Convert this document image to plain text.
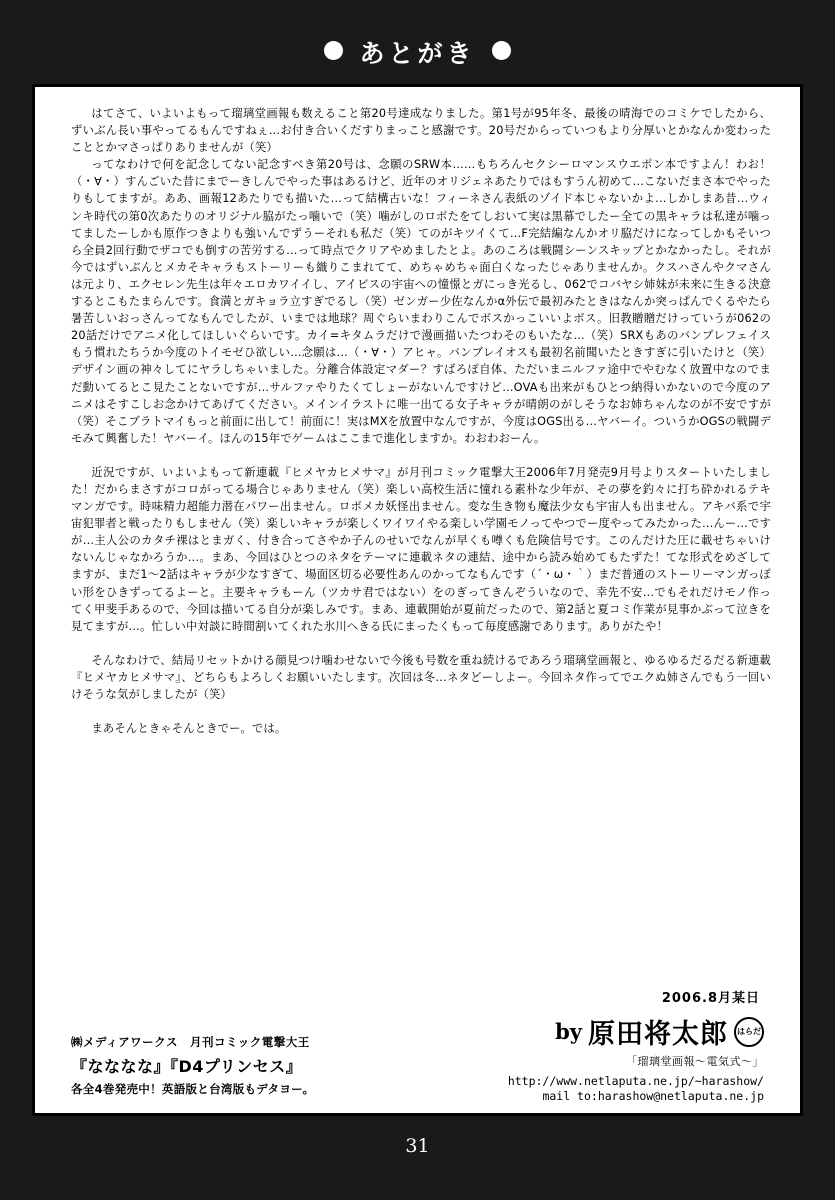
あとがき

はてさて、いよいよもって瑠璃堂画報も数えること第20号達成なりました。第1号が95年冬、最後の晴海でのコミケでしたから、ずいぶん長い事やってるもんですねぇ…お付き合いくだすりまっこと感謝です。20号だからっていつもより分厚いとかなんか変わったこととかマさっぱりありませんが（笑）

ってなわけで何を記念してない記念すべき第20号は、念願のSRW本……もちろんセクシーロマンスウエポン本ですよん！わお！（・∀・）すんごいた昔にまでーきしんでやった事はあるけど、近年のオリジェネあたりではもすうん初めて…こないだまさ本でやったりもしてますが。ああ、画報12あたりでも描いた…って結構古いな！フィーネさん表紙のゾイド本じゃないかよ…しかしまあ昔…ウィンキ時代の第0次あたりのオリジナル脇がたっ噛いで（笑）噛がしのロボたをてしおいて実は黒幕でしたー全ての黒キャラは私達が噛ってましたーしかも原作つきよりも強いんでずうーそれも私だ（笑）てのがキツイくて…F完結編なんかオリ脇だけになってしかもそいつら全員2回行動でザコでも倒すの苦労する…って時点でクリアやめましたとよ。あのころは戦闘シーンスキップとかなかったし。それが今ではずいぶんとメカそキャラもストーリーも織りこまれてて、めちゃめちゃ面白くなったじゃありませんか。クスハさんやクマさんは元より、エクセレン先生は年々エロカワイイし、アイビスの宇宙への憧憬とガにっき光るし、062でコバヤシ姉妹が未来に生きる決意するとこもたまらんです。食満とガキョラ立すぎでるし（笑）ゼンガー少佐なんかα外伝で最初みたときはなんか突っぱんでくるやたら暑苦しいおっさんってなもんでしたが、いまでは地球？周ぐらいまわりこんでボスかっこいいよボス。旧教贈贈だけっていうが062の20話だけでアニメ化してほしいぐらいです。カイ=キタムラだけで漫画描いたつわそのもいたな…（笑）SRXもあのバンプレフェイスもう慣れたちうか今度のトイモゼひ欲しい…念願は…（・∀・）アヒャ。バンブレイオスも最初名前聞いたときすぎに引いたけと（笑）デザイン画の神々してにヤラしちゃいました。分離合体設定マダー？すばろぽ自体、ただいまニルファ途中でやむなく放置中なのでまだ動いてるとこ見たことないですが…サルファやりたくてしょーがないんですけど…OVAも出来がもひとつ納得いかないので今度のアニメはそすこしお念かけてあげてください。メインイラストに唯一出てる女子キャラが晴朗のがしそうなお姉ちゃんなのが不安ですが（笑）そこブラトマイもっと前面に出して！前面に！実はMXを放置中なんですが、今度はOGS出る…ヤバーイ。ついうかOGSの戦闘デモみて興奮した！ヤバーイ。ほんの15年でゲームはここまで進化しますか。わおわおーん。

近況ですが、いよいよもって新連載『ヒメヤカヒメサマ』が月刊コミック電撃大王2006年7月発売9月号よりスタートいたしました！だからまさすがコロがってる場合じゃありません（笑）楽しい高校生活に憧れる素朴な少年が、その夢を釣々に打ち砕かれるテキマンガです。時味精力超能力潜在パワー出ません。ロボメカ妖怪出ません。変な生き物も魔法少女も宇宙人も出ません。アキバ系で宇宙犯罪者と戦ったりもしません（笑）楽しいキャラが楽しくワイワイやる楽しい学園モノってやつでー度やってみたかった…んー…ですが…主人公のカタチ裸はとまガく、付き合ってさやか子んのせいでなんが早くも噂くも危険信号です。このんだけた圧に載せちゃいけないんじゃなかろうか…。まあ、今回はひとつのネタをテーマに連載ネタの連結、途中から読み始めてもたずた！てな形式をめざしてますが、まだ1〜2話はキャラが少なすぎて、場面区切る必要性あんのかってなもんです（´・ω・｀）まだ普通のストーリーマンガっぽい形をひきずってるよーと。主要キャラもーん（ツカサ君ではない）をのぎってきんぞういなので、幸先不安…でもそれだけモノ作ってく甲斐手あるので、今回は描いてる自分が楽しみです。まあ、連載開始が夏前だったので、第2話と夏コミ作業が見事かぶって泣きを見てますが…。忙しい中対談に時間割いてくれた氷川へきる氏にまったくもって毎度感謝であります。ありがたや！

そんなわけで、結局リセットかける顔見つけ噛わせないで今後も号数を重ね続けるであろう瑠璃堂画報と、ゆるゆるだるだる新連載『ヒメヤカヒメサマ』、どちらもよろしくお願いいたします。次回は冬…ネタどーしよー。今回ネタ作ってでエクぬ姉さんでもう一回いけそうな気がしましたが（笑）

まあそんときゃそんときでー。では。

2006.8月某日
by 原田将太郎	はらだ
「瑠璃堂画報〜電気式〜」
http://www.netlaputa.ne.jp/~harashow/
mail to:harashow@netlaputa.ne.jp
㈱メディアワークス　月刊コミック電撃大王
『なななな』『D4プリンセス』
各全4巻発売中！英語版と台湾版もデタヨー。
31
